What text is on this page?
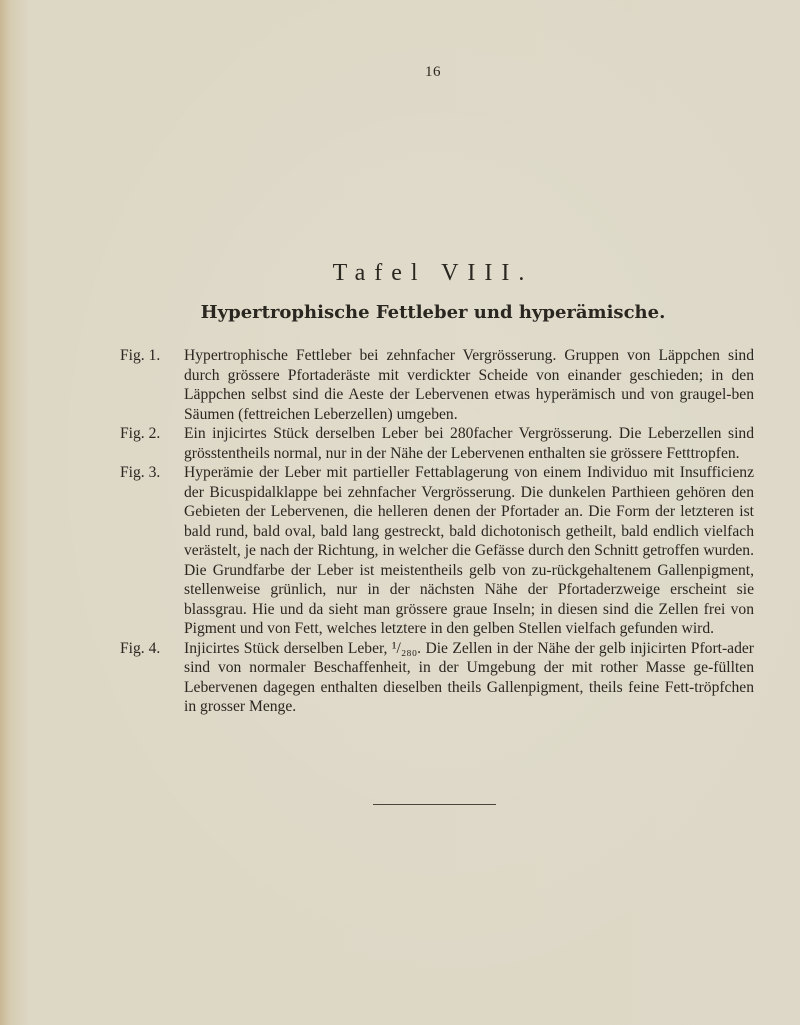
16
Tafel VIII.
Hypertrophische Fettleber und hyperämische.
Fig. 1.	Hypertrophische Fettleber bei zehnfacher Vergrösserung. Gruppen von Läppchen sind durch grössere Pfortaderäste mit verdickter Scheide von einander geschieden; in den Läppchen selbst sind die Aeste der Lebervenen etwas hyperämisch und von graugel-ben Säumen (fettreichen Leberzellen) umgeben.
Fig. 2.	Ein injicirtes Stück derselben Leber bei 280facher Vergrösserung. Die Leberzellen sind grösstentheils normal, nur in der Nähe der Lebervenen enthalten sie grössere Fetttropfen.
Fig. 3.	Hyperämie der Leber mit partieller Fettablagerung von einem Individuo mit Insufficienz der Bicuspidalklappe bei zehnfacher Vergrösserung. Die dunkelen Parthieen gehören den Gebieten der Lebervenen, die helleren denen der Pfortader an. Die Form der letzteren ist bald rund, bald oval, bald lang gestreckt, bald dichotonisch getheilt, bald endlich vielfach verästelt, je nach der Richtung, in welcher die Gefässe durch den Schnitt getroffen wurden. Die Grundfarbe der Leber ist meistentheils gelb von zu-rückgehaltenem Gallenpigment, stellenweise grünlich, nur in der nächsten Nähe der Pfortaderzweige erscheint sie blassgrau. Hie und da sieht man grössere graue Inseln; in diesen sind die Zellen frei von Pigment und von Fett, welches letztere in den gelben Stellen vielfach gefunden wird.
Fig. 4.	Injicirtes Stück derselben Leber, ¹/₂₈₀. Die Zellen in der Nähe der gelb injicirten Pfort-ader sind von normaler Beschaffenheit, in der Umgebung der mit rother Masse ge-füllten Lebervenen dagegen enthalten dieselben theils Gallenpigment, theils feine Fett-tröpfchen in grosser Menge.
